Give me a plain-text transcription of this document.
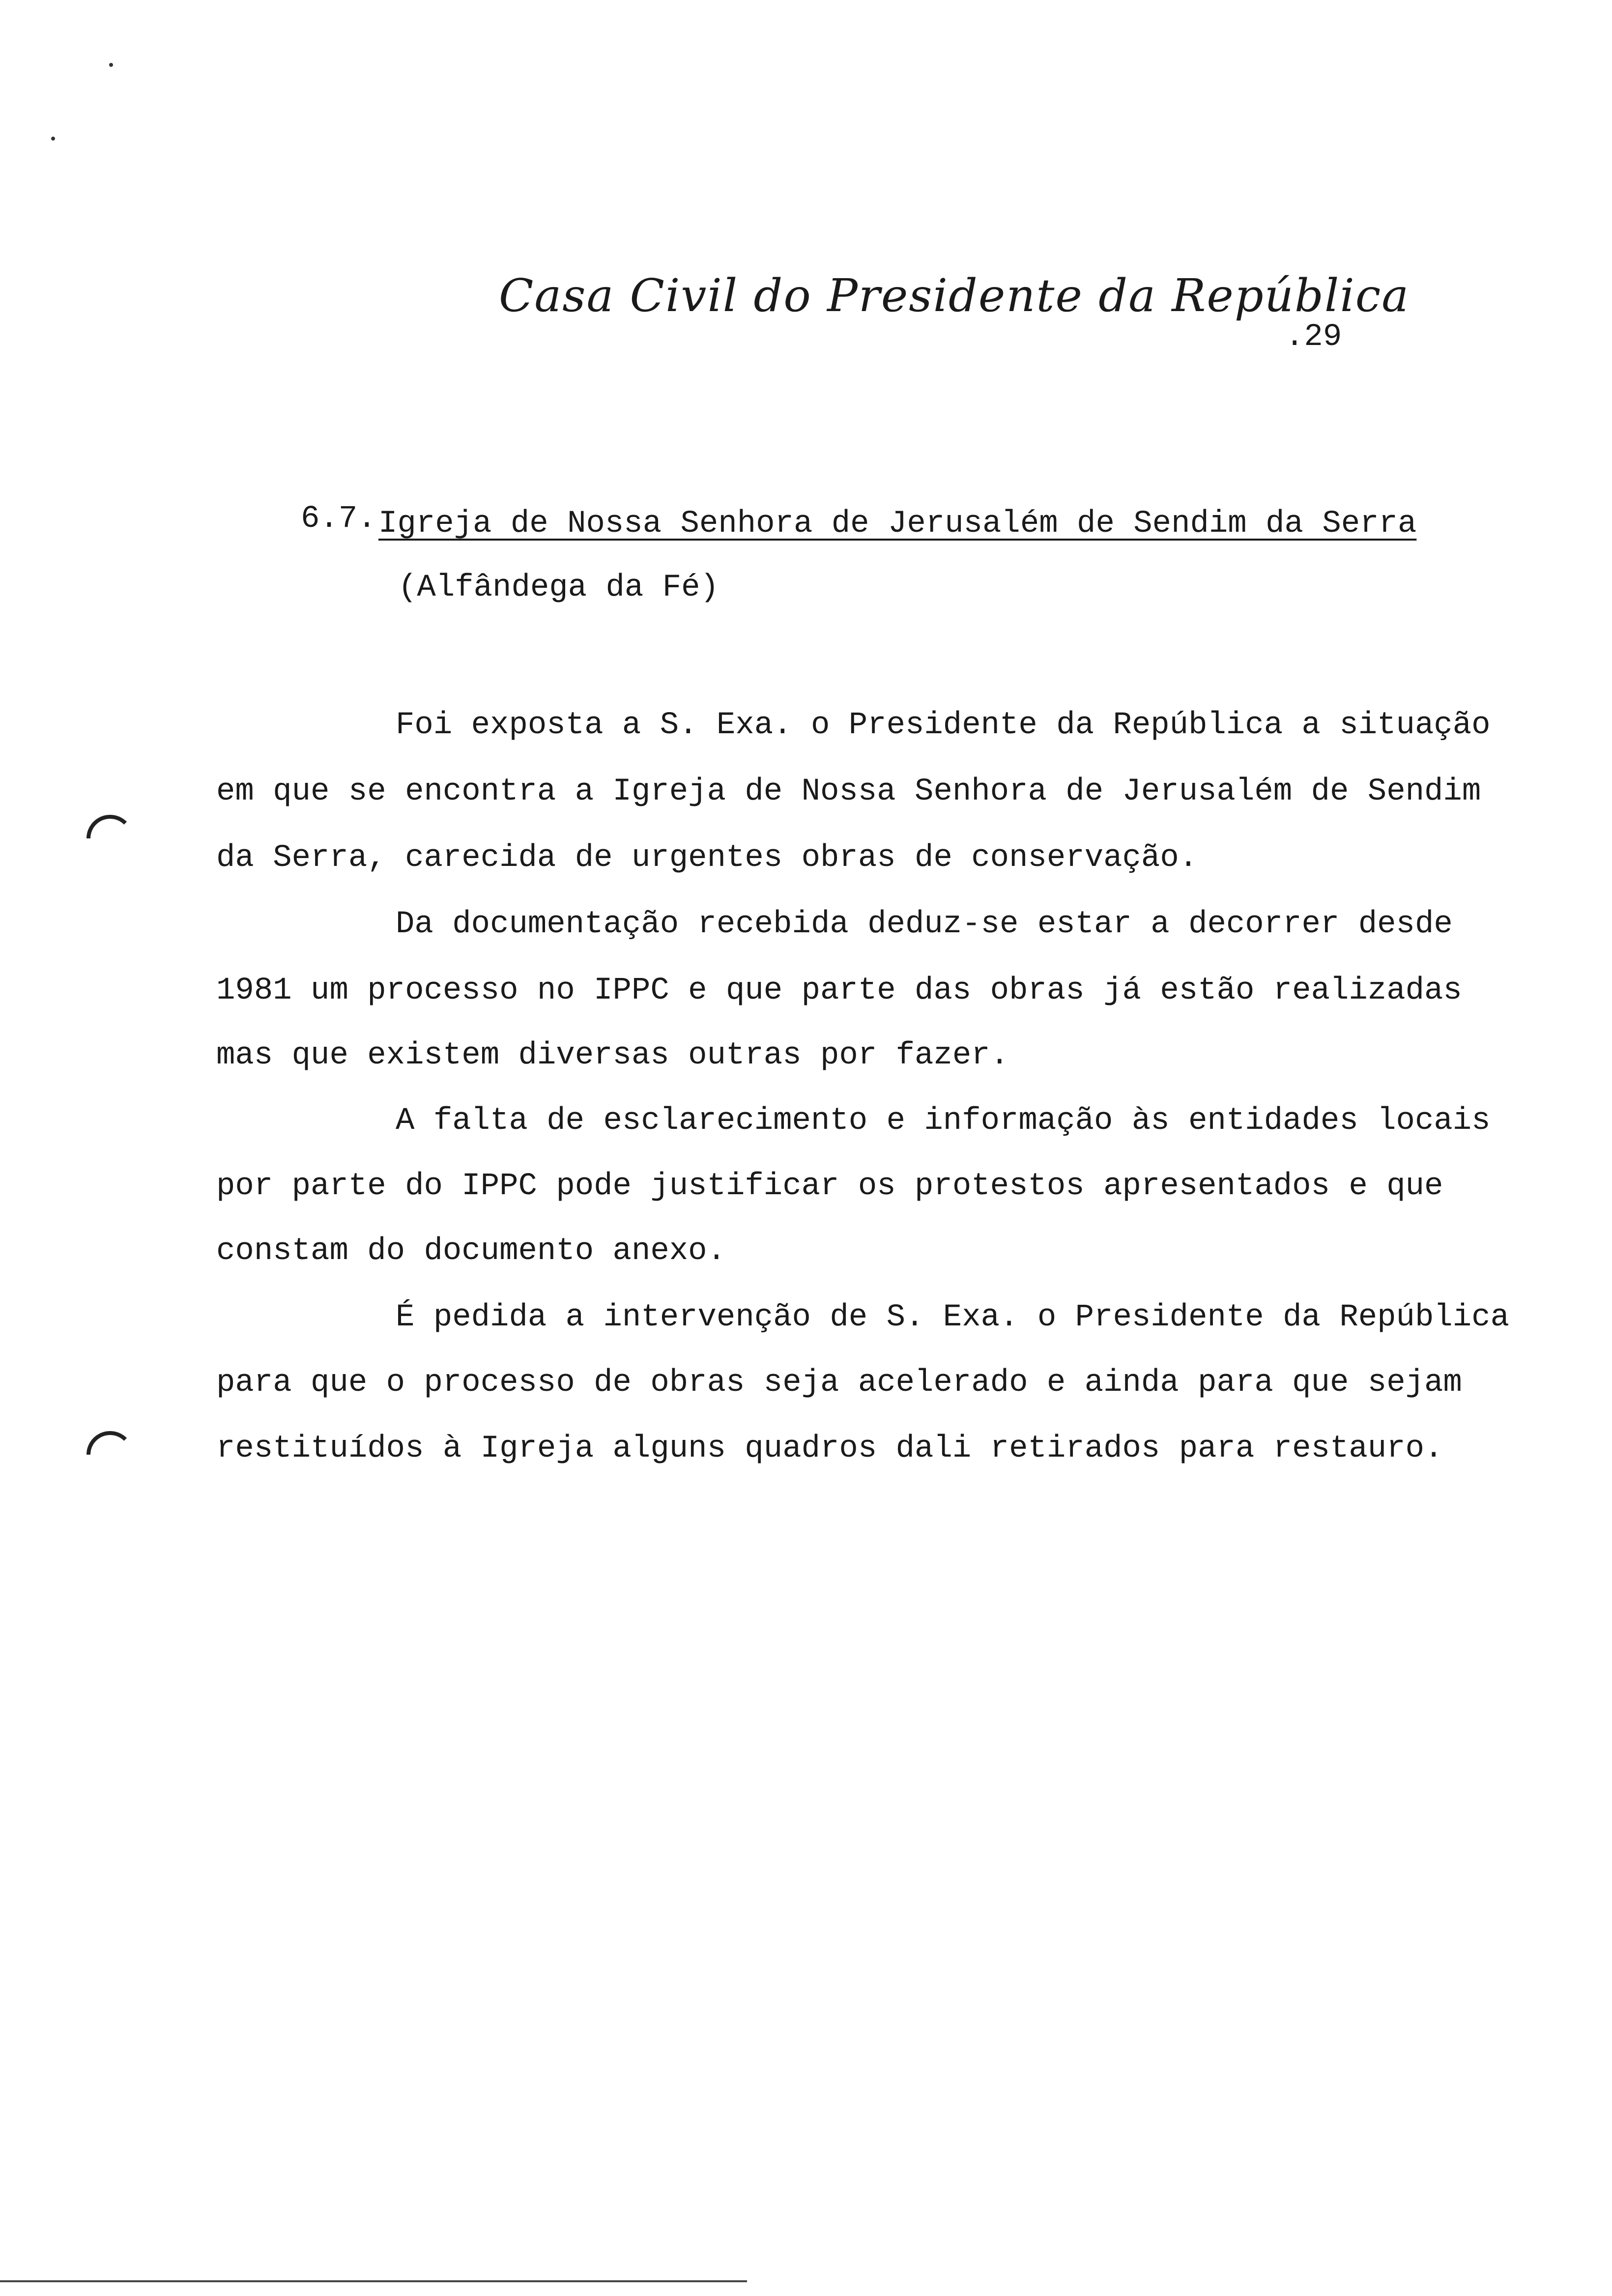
Casa Civil do Presidente da República
.29
6.7. Igreja de Nossa Senhora de Jerusalém de Sendim da Serra
(Alfândega da Fé)
Foi exposta a S. Exa. o Presidente da República a situação
em que se encontra a Igreja de Nossa Senhora de Jerusalém de Sendim
da Serra, carecida de urgentes obras de conservação.
Da documentação recebida deduz-se estar a decorrer desde
1981 um processo no IPPC e que parte das obras já estão realizadas
mas que existem diversas outras por fazer.
A falta de esclarecimento e informação às entidades locais
por parte do IPPC pode justificar os protestos apresentados e que
constam do documento anexo.
É pedida a intervenção de S. Exa. o Presidente da República
para que o processo de obras seja acelerado e ainda para que sejam
restituídos à Igreja alguns quadros dali retirados para restauro.
